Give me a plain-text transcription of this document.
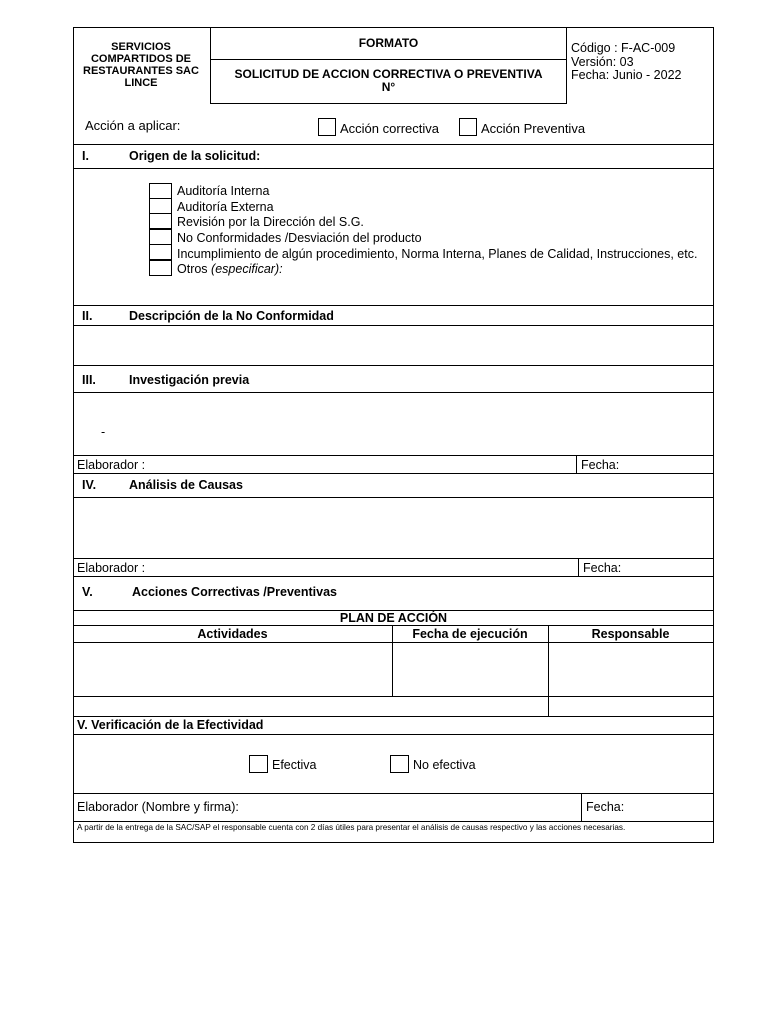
SERVICIOS COMPARTIDOS DE RESTAURANTES SAC LINCE
FORMATO
SOLICITUD DE ACCION CORRECTIVA O PREVENTIVA
N°
Código : F-AC-009
Versión: 03
Fecha: Junio - 2022
Acción a aplicar:	Acción correctiva	Acción Preventiva
I.	Origen de la solicitud:
Auditoría Interna
Auditoría Externa
Revisión por la Dirección del S.G.
No Conformidades /Desviación del producto
Incumplimiento de algún procedimiento, Norma Interna, Planes de Calidad, Instrucciones, etc.
Otros (especificar):
II.	Descripción de la No Conformidad
III.	Investigación previa
-
Elaborador :	Fecha:
IV.	Análisis de Causas
Elaborador :	Fecha:
V.	Acciones Correctivas /Preventivas
PLAN DE ACCIÓN
Actividades	Fecha de ejecución	Responsable
V. Verificación de la Efectividad
Efectiva	No efectiva
Elaborador (Nombre y firma):	Fecha:
A partir de la entrega de la SAC/SAP el responsable cuenta con 2 días útiles para presentar el análisis de causas respectivo y las acciones necesarias.
